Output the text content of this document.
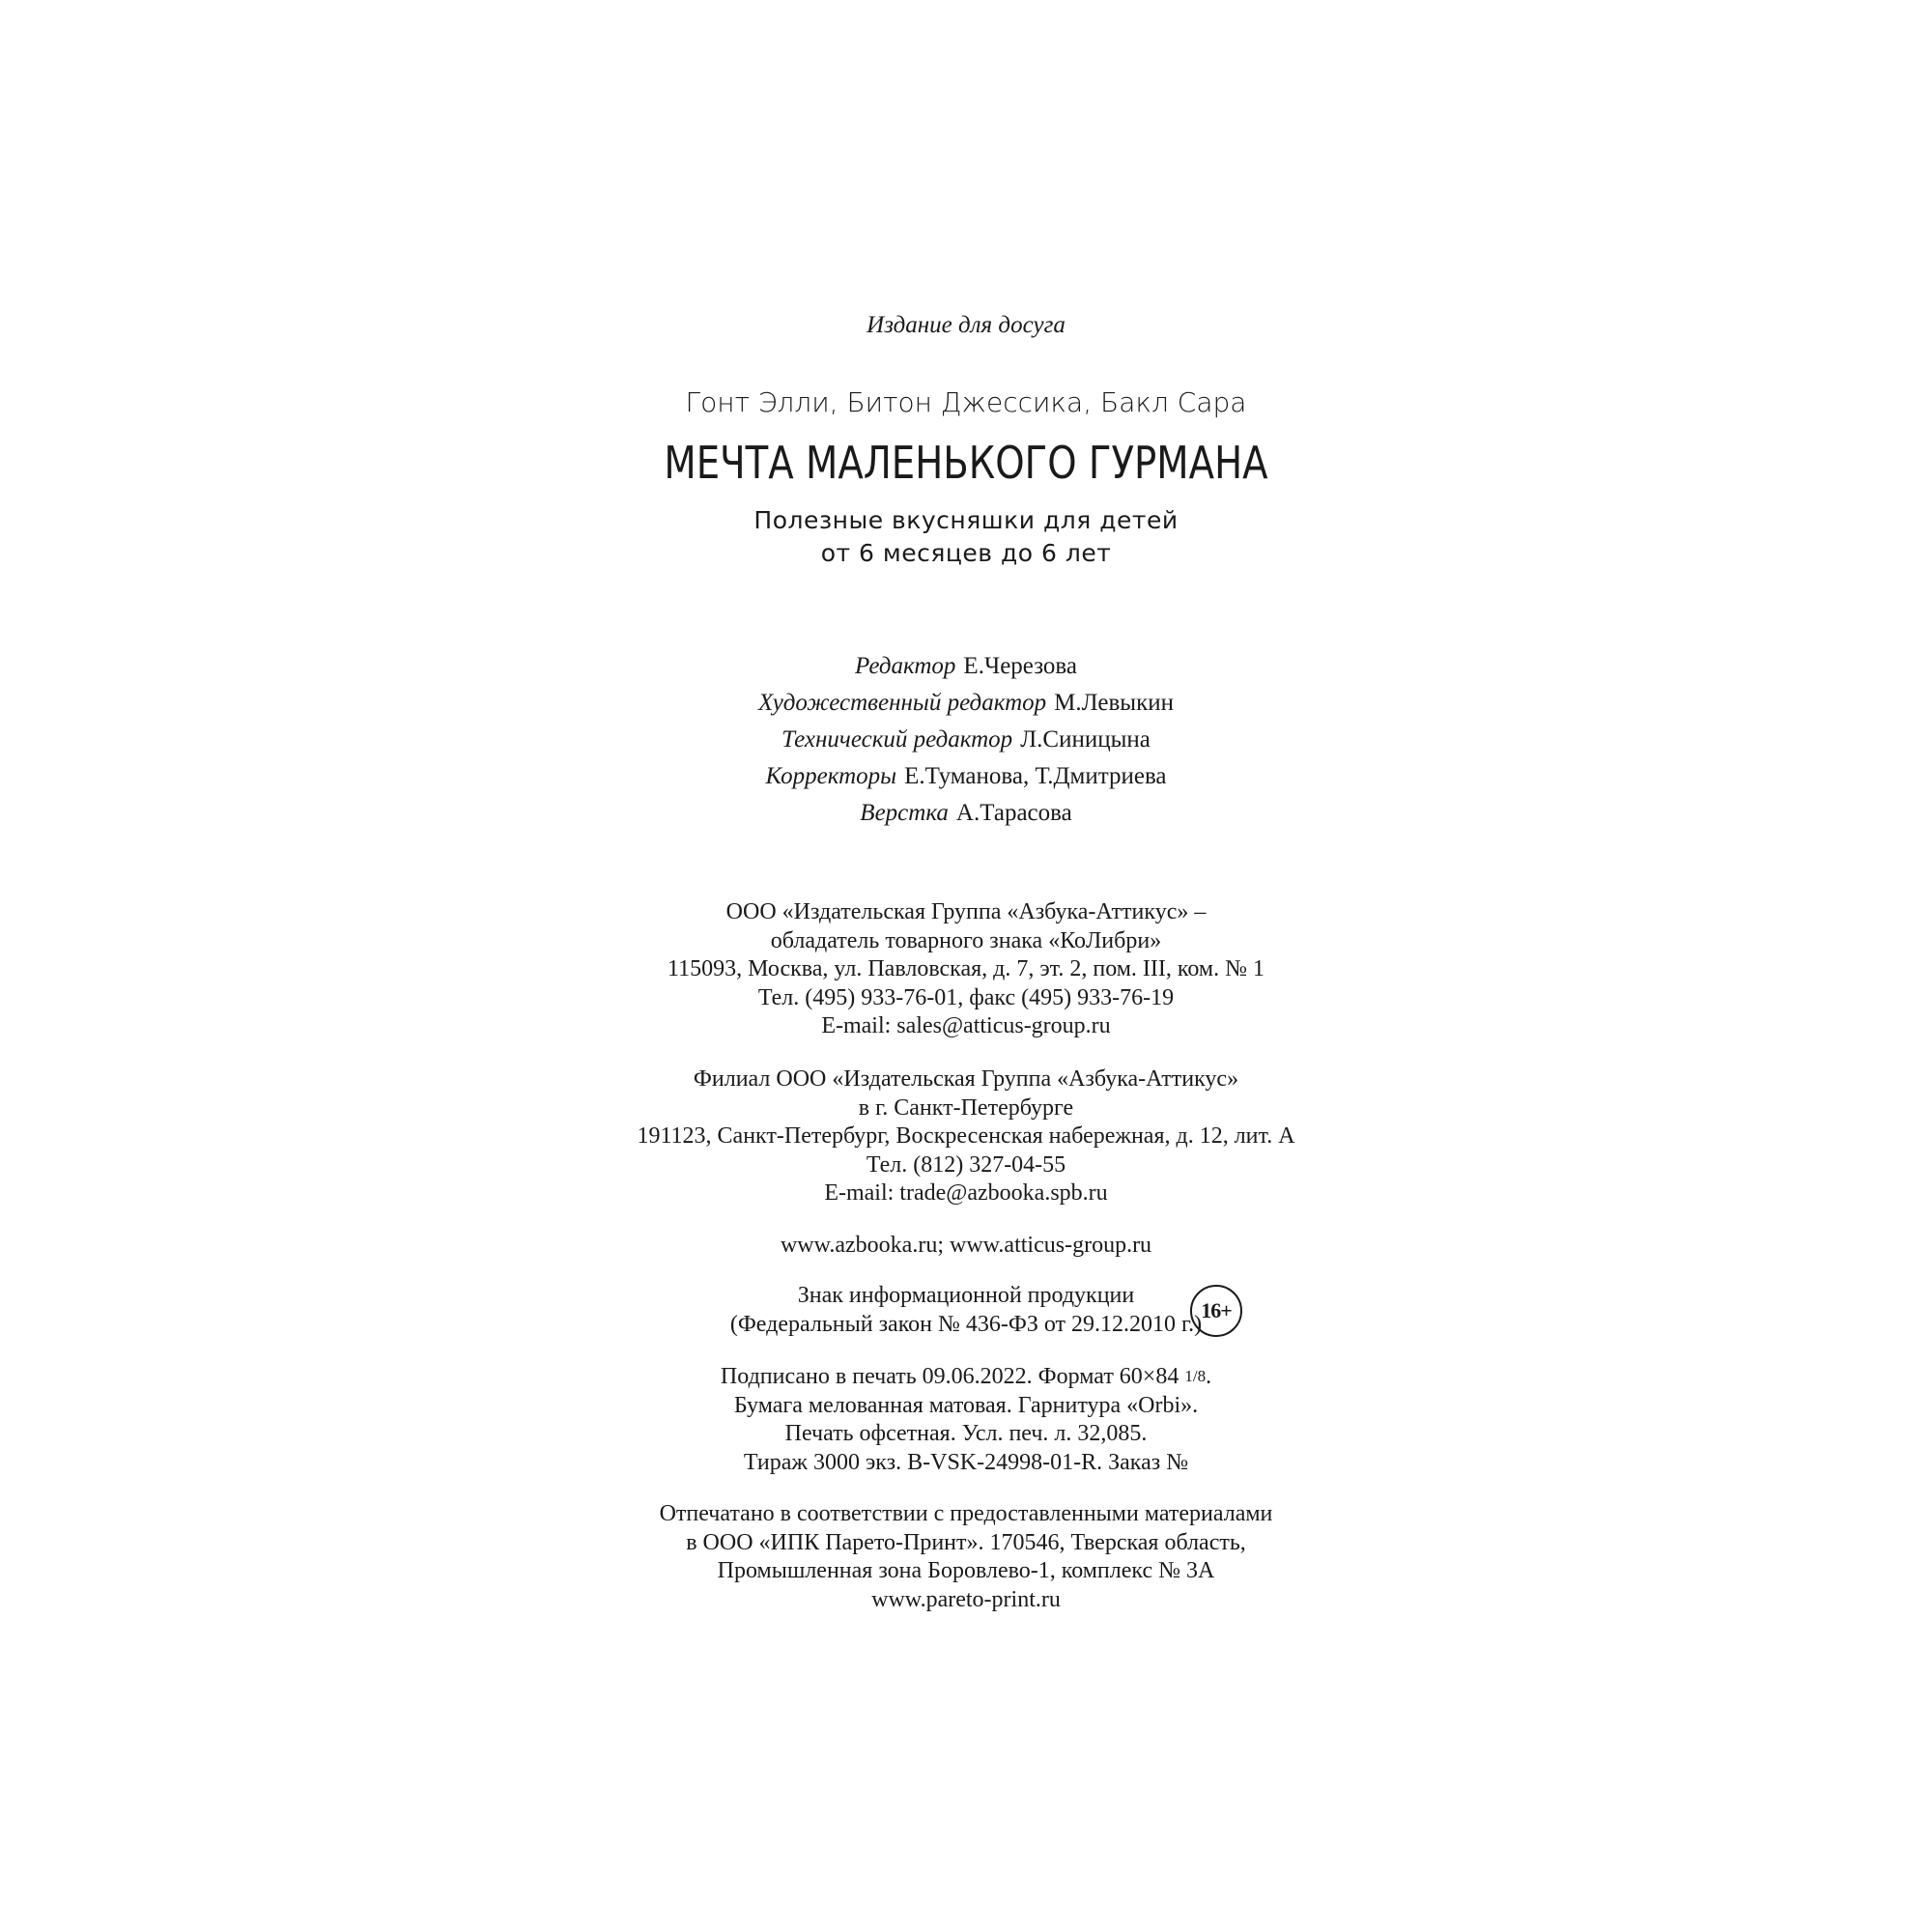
Издание для досуга
Гонт Элли, Битон Джессика, Бакл Сара
МЕЧТА МАЛЕНЬКОГО ГУРМАНА
Полезные вкусняшки для детей
от 6 месяцев до 6 лет
Редактор Е.Черезова
Художественный редактор М.Левыкин
Технический редактор Л.Синицына
Корректоры Е.Туманова, Т.Дмитриева
Верстка А.Тарасова
ООО «Издательская Группа «Азбука-Аттикус» –
обладатель товарного знака «КоЛибри»
115093, Москва, ул. Павловская, д. 7, эт. 2, пом. III, ком. № 1
Тел. (495) 933-76-01, факс (495) 933-76-19
E-mail: sales@atticus-group.ru
Филиал ООО «Издательская Группа «Азбука-Аттикус»
в г. Санкт-Петербурге
191123, Санкт-Петербург, Воскресенская набережная, д. 12, лит. А
Тел. (812) 327-04-55
E-mail: trade@azbooka.spb.ru
www.azbooka.ru; www.atticus-group.ru
Знак информационной продукции
(Федеральный закон № 436-ФЗ от 29.12.2010 г.)
16+
Подписано в печать 09.06.2022. Формат 60×84 1/8.
Бумага мелованная матовая. Гарнитура «Orbi».
Печать офсетная. Усл. печ. л. 32,085.
Тираж 3000 экз. B-VSK-24998-01-R. Заказ №
Отпечатано в соответствии с предоставленными материалами
в ООО «ИПК Парето-Принт». 170546, Тверская область,
Промышленная зона Боровлево-1, комплекс № 3А
www.pareto-print.ru
